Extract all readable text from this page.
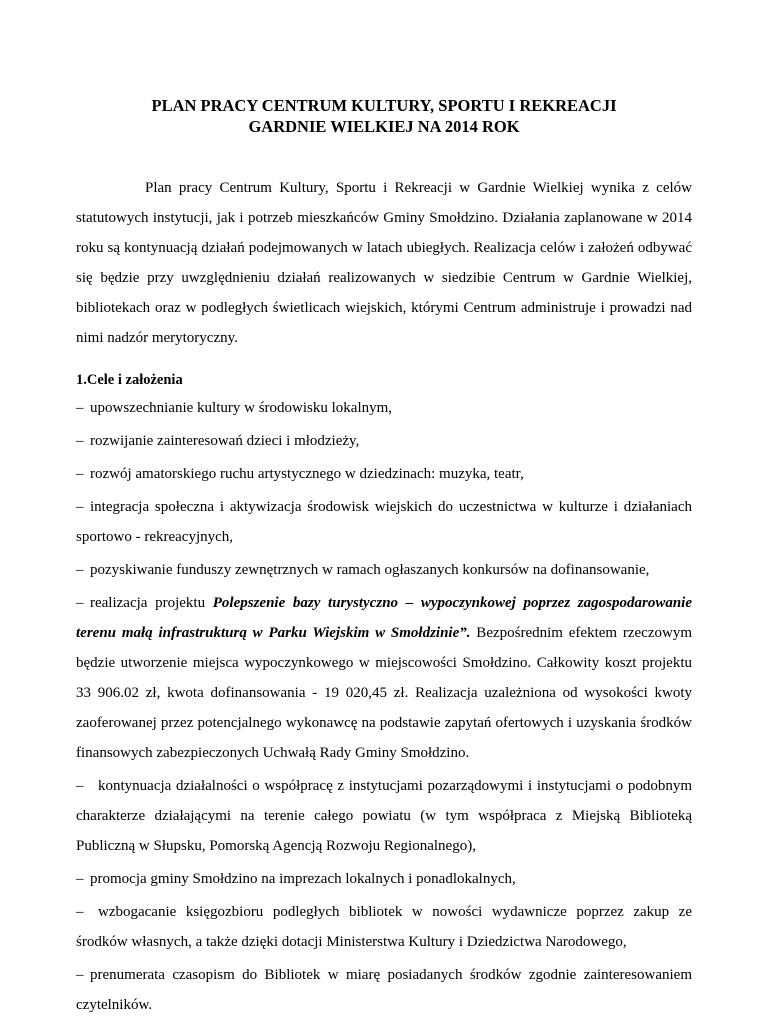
PLAN PRACY CENTRUM KULTURY, SPORTU I REKREACJI
GARDNIE WIELKIEJ NA 2014 ROK

Plan pracy Centrum Kultury, Sportu i Rekreacji w Gardnie Wielkiej wynika z celów statutowych instytucji, jak i potrzeb mieszkańców Gminy Smołdzino. Działania zaplanowane w 2014 roku są kontynuacją działań podejmowanych w latach ubiegłych. Realizacja celów i założeń odbywać się będzie przy uwzględnieniu działań realizowanych w siedzibie Centrum w Gardnie Wielkiej, bibliotekach oraz w podległych świetlicach wiejskich, którymi Centrum administruje i prowadzi nad nimi nadzór merytoryczny.

1.Cele i założenia
– upowszechnianie kultury w środowisku lokalnym,
– rozwijanie zainteresowań dzieci i młodzieży,
– rozwój amatorskiego ruchu artystycznego w dziedzinach: muzyka, teatr,
– integracja społeczna i aktywizacja środowisk wiejskich do uczestnictwa w kulturze i działaniach sportowo - rekreacyjnych,
– pozyskiwanie funduszy zewnętrznych w ramach ogłaszanych konkursów na dofinansowanie,
– realizacja projektu Polepszenie bazy turystyczno – wypoczynkowej poprzez zagospodarowanie terenu małą infrastrukturą w Parku Wiejskim w Smołdzinie”. Bezpośrednim efektem rzeczowym będzie utworzenie miejsca wypoczynkowego w miejscowości Smołdzino. Całkowity koszt projektu 33 906.02 zł, kwota dofinansowania - 19 020,45 zł. Realizacja uzależniona od wysokości kwoty zaoferowanej przez potencjalnego wykonawcę na podstawie zapytań ofertowych i uzyskania środków finansowych zabezpieczonych Uchwałą Rady Gminy Smołdzino.
– kontynuacja działalności o współpracę z instytucjami pozarządowymi i instytucjami o podobnym charakterze działającymi na terenie całego powiatu (w tym współpraca z Miejską Biblioteką Publiczną w Słupsku, Pomorską Agencją Rozwoju Regionalnego),
– promocja gminy Smołdzino na imprezach lokalnych i ponadlokalnych,
– wzbogacanie księgozbioru podległych bibliotek w nowości wydawnicze poprzez zakup ze środków własnych, a także dzięki dotacji Ministerstwa Kultury i Dziedzictwa Narodowego,
– prenumerata czasopism do Bibliotek w miarę posiadanych środków zgodnie zainteresowaniem czytelników.
